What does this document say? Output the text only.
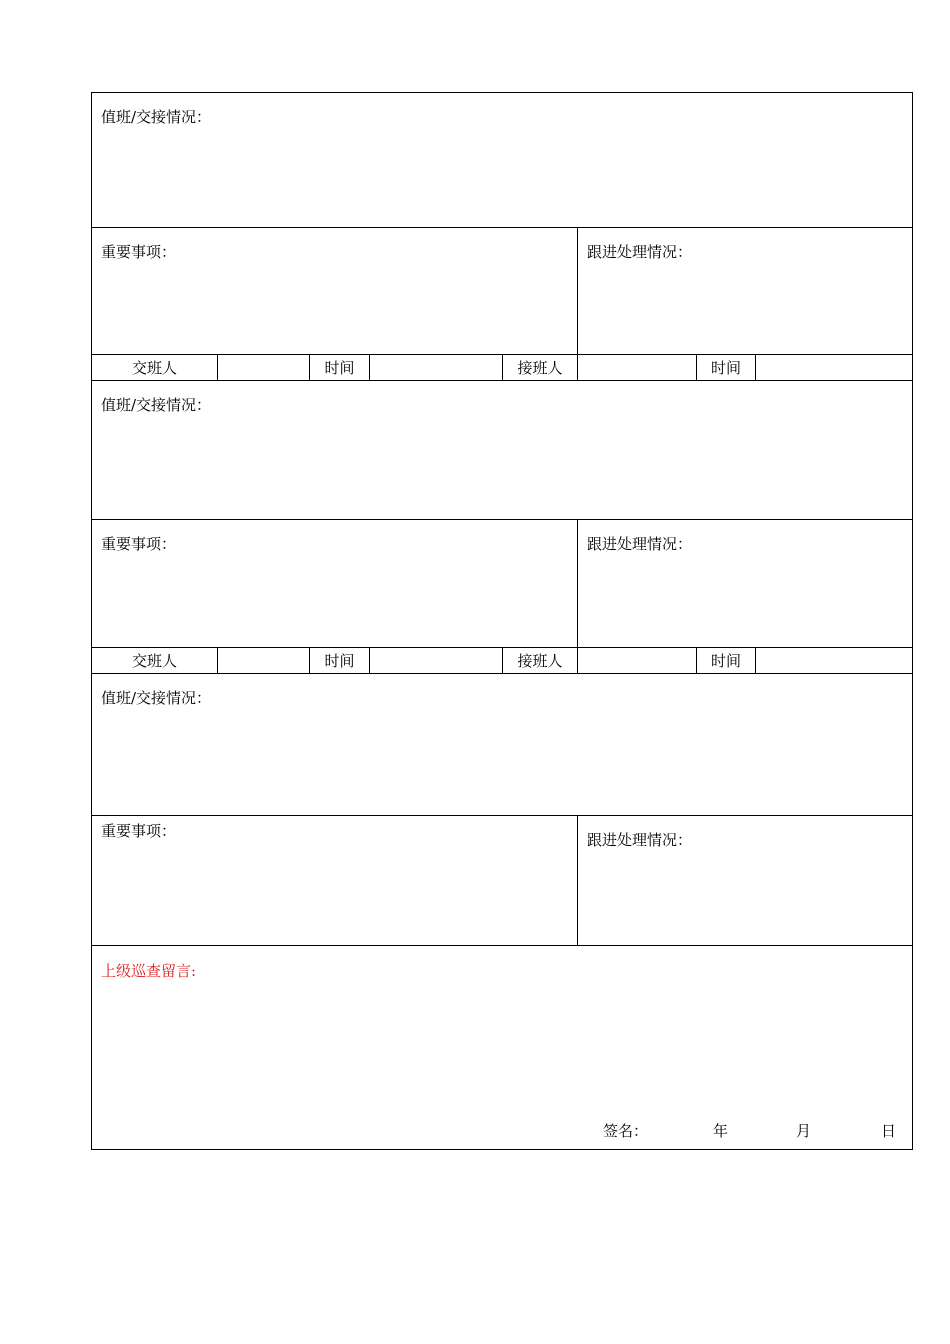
值班/交接情况：
重要事项：	跟进处理情况：
交班人	时间	接班人	时间
值班/交接情况：
重要事项：	跟进处理情况：
交班人	时间	接班人	时间
值班/交接情况：
重要事项：	跟进处理情况：
上级巡查留言:
签名：	年	月	日
